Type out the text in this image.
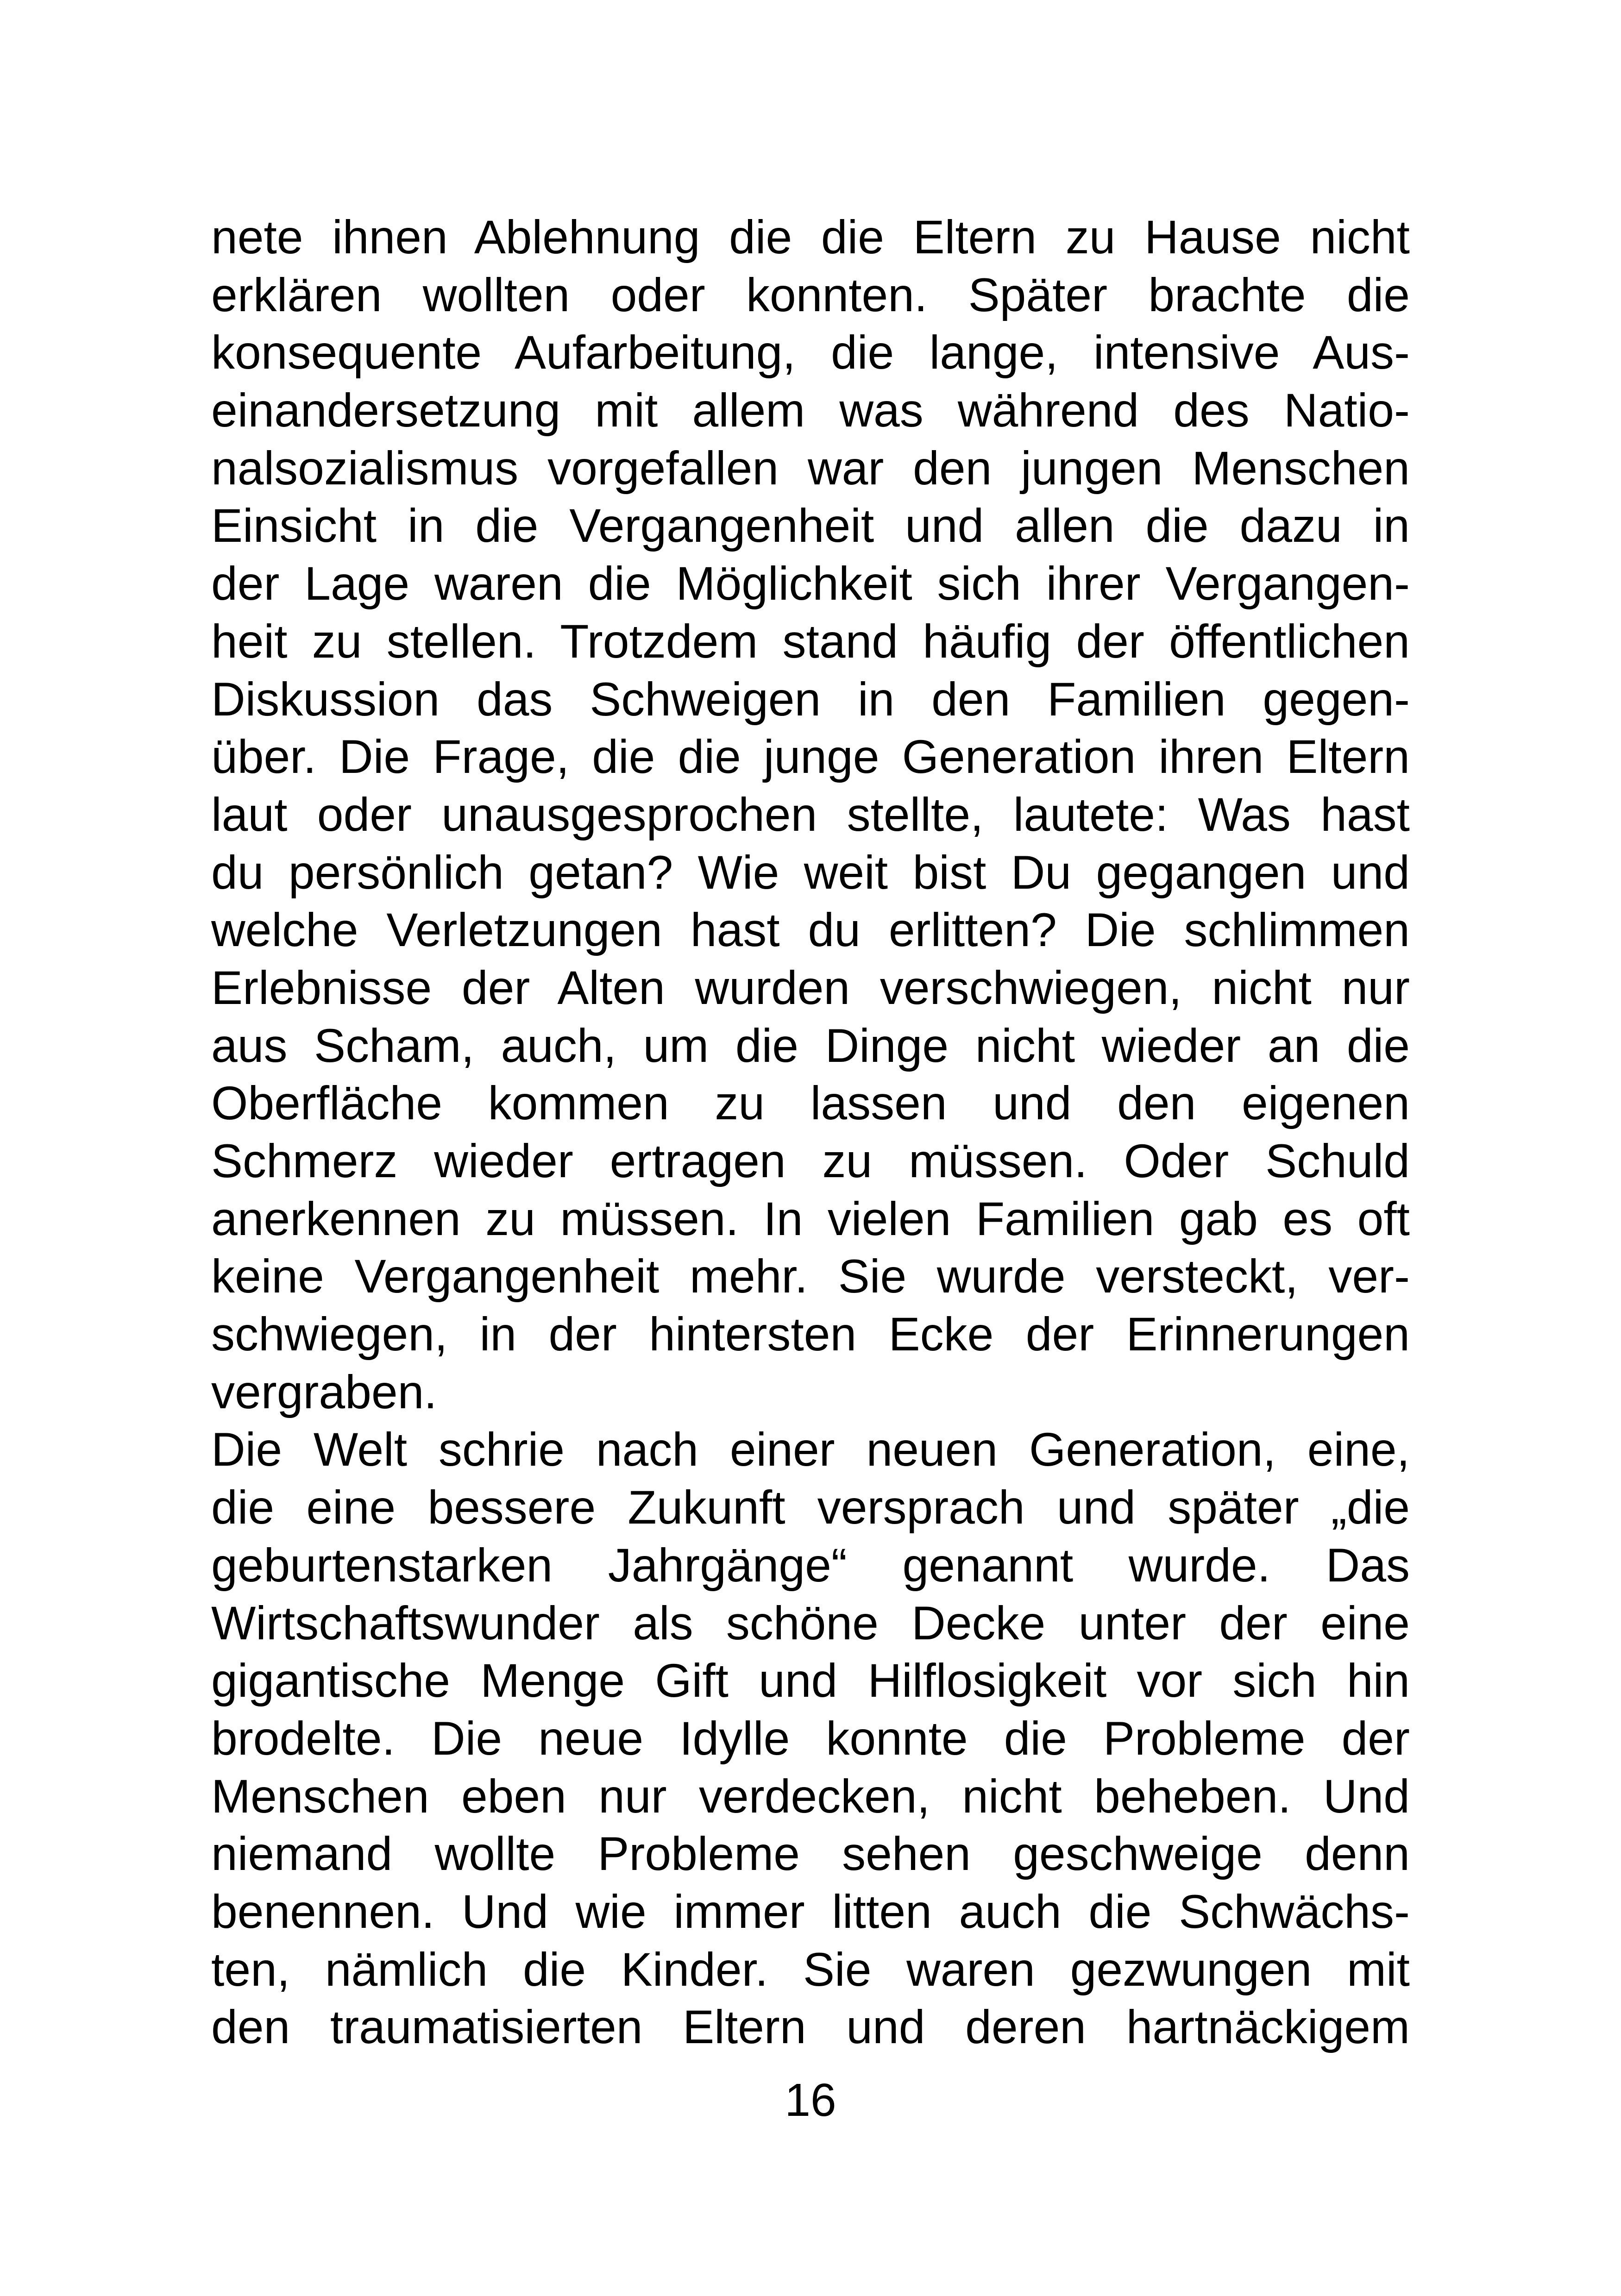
nete ihnen Ablehnung die die Eltern zu Hause nicht
erklären wollten oder konnten. Später brachte die
konsequente Aufarbeitung, die lange, intensive Aus-
einandersetzung mit allem was während des Natio-
nalsozialismus vorgefallen war den jungen Menschen
Einsicht in die Vergangenheit und allen die dazu in
der Lage waren die Möglichkeit sich ihrer Vergangen-
heit zu stellen. Trotzdem stand häufig der öffentlichen
Diskussion das Schweigen in den Familien gegen-
über. Die Frage, die die junge Generation ihren Eltern
laut oder unausgesprochen stellte, lautete: Was hast
du persönlich getan? Wie weit bist Du gegangen und
welche Verletzungen hast du erlitten? Die schlimmen
Erlebnisse der Alten wurden verschwiegen, nicht nur
aus Scham, auch, um die Dinge nicht wieder an die
Oberfläche kommen zu lassen und den eigenen
Schmerz wieder ertragen zu müssen. Oder Schuld
anerkennen zu müssen. In vielen Familien gab es oft
keine Vergangenheit mehr. Sie wurde versteckt, ver-
schwiegen, in der hintersten Ecke der Erinnerungen
vergraben.
Die Welt schrie nach einer neuen Generation, eine,
die eine bessere Zukunft versprach und später „die
geburtenstarken Jahrgänge“ genannt wurde. Das
Wirtschaftswunder als schöne Decke unter der eine
gigantische Menge Gift und Hilflosigkeit vor sich hin
brodelte. Die neue Idylle konnte die Probleme der
Menschen eben nur verdecken, nicht beheben. Und
niemand wollte Probleme sehen geschweige denn
benennen. Und wie immer litten auch die Schwächs-
ten, nämlich die Kinder. Sie waren gezwungen mit
den traumatisierten Eltern und deren hartnäckigem
16
